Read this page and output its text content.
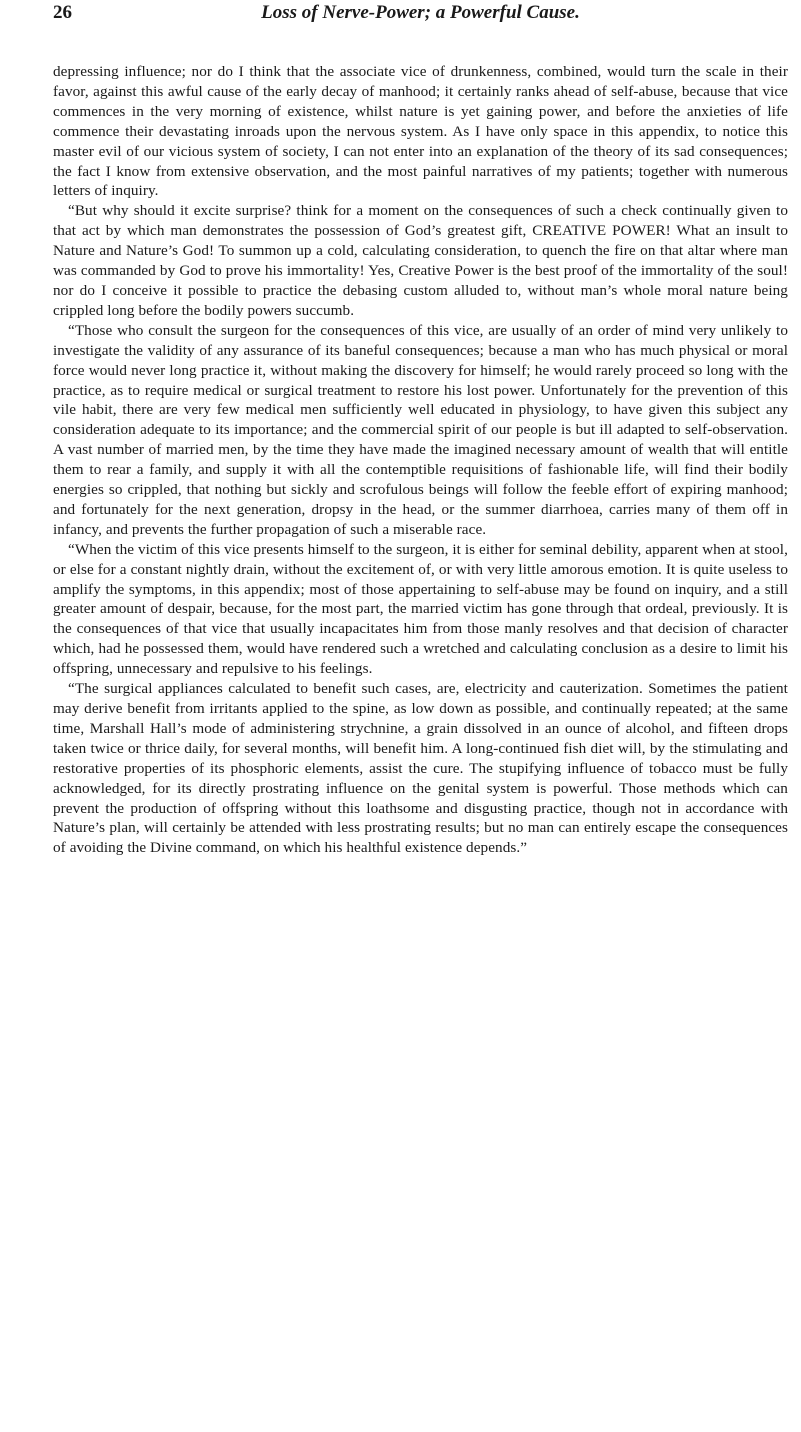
26	Loss of Nerve-Power; a Powerful Cause.

depressing influence; nor do I think that the associate vice of drunkenness, combined, would turn the scale in their favor, against this awful cause of the early decay of manhood; it certainly ranks ahead of self-abuse, because that vice commences in the very morning of existence, whilst nature is yet gaining power, and before the anxieties of life commence their devastating inroads upon the nervous system. As I have only space in this appendix, to notice this master evil of our vicious system of society, I can not enter into an explanation of the theory of its sad consequences; the fact I know from extensive observation, and the most painful narratives of my patients; together with numerous letters of inquiry.

“But why should it excite surprise? think for a moment on the consequences of such a check continually given to that act by which man demonstrates the possession of God’s greatest gift, CREATIVE POWER! What an insult to Nature and Nature’s God! To summon up a cold, calculating consideration, to quench the fire on that altar where man was commanded by God to prove his immortality! Yes, Creative Power is the best proof of the immortality of the soul! nor do I conceive it possible to practice the debasing custom alluded to, without man’s whole moral nature being crippled long before the bodily powers succumb.

“Those who consult the surgeon for the consequences of this vice, are usually of an order of mind very unlikely to investigate the validity of any assurance of its baneful consequences; because a man who has much physical or moral force would never long practice it, without making the discovery for himself; he would rarely proceed so long with the practice, as to require medical or surgical treatment to restore his lost power. Unfortunately for the prevention of this vile habit, there are very few medical men sufficiently well educated in physiology, to have given this subject any consideration adequate to its importance; and the commercial spirit of our people is but ill adapted to self-observation. A vast number of married men, by the time they have made the imagined necessary amount of wealth that will entitle them to rear a family, and supply it with all the contemptible requisitions of fashionable life, will find their bodily energies so crippled, that nothing but sickly and scrofulous beings will follow the feeble effort of expiring manhood; and fortunately for the next generation, dropsy in the head, or the summer diarrhoea, carries many of them off in infancy, and prevents the further propagation of such a miserable race.

“When the victim of this vice presents himself to the surgeon, it is either for seminal debility, apparent when at stool, or else for a constant nightly drain, without the excitement of, or with very little amorous emotion. It is quite useless to amplify the symptoms, in this appendix; most of those appertaining to self-abuse may be found on inquiry, and a still greater amount of despair, because, for the most part, the married victim has gone through that ordeal, previously. It is the consequences of that vice that usually incapacitates him from those manly resolves and that decision of character which, had he possessed them, would have rendered such a wretched and calculating conclusion as a desire to limit his offspring, unnecessary and repulsive to his feelings.

“The surgical appliances calculated to benefit such cases, are, electricity and cauterization. Sometimes the patient may derive benefit from irritants applied to the spine, as low down as possible, and continually repeated; at the same time, Marshall Hall’s mode of administering strychnine, a grain dissolved in an ounce of alcohol, and fifteen drops taken twice or thrice daily, for several months, will benefit him. A long-continued fish diet will, by the stimulating and restorative properties of its phosphoric elements, assist the cure. The stupifying influence of tobacco must be fully acknowledged, for its directly prostrating influence on the genital system is powerful. Those methods which can prevent the production of offspring without this loathsome and disgusting practice, though not in accordance with Nature’s plan, will certainly be attended with less prostrating results; but no man can entirely escape the consequences of avoiding the Divine command, on which his healthful existence depends.”
